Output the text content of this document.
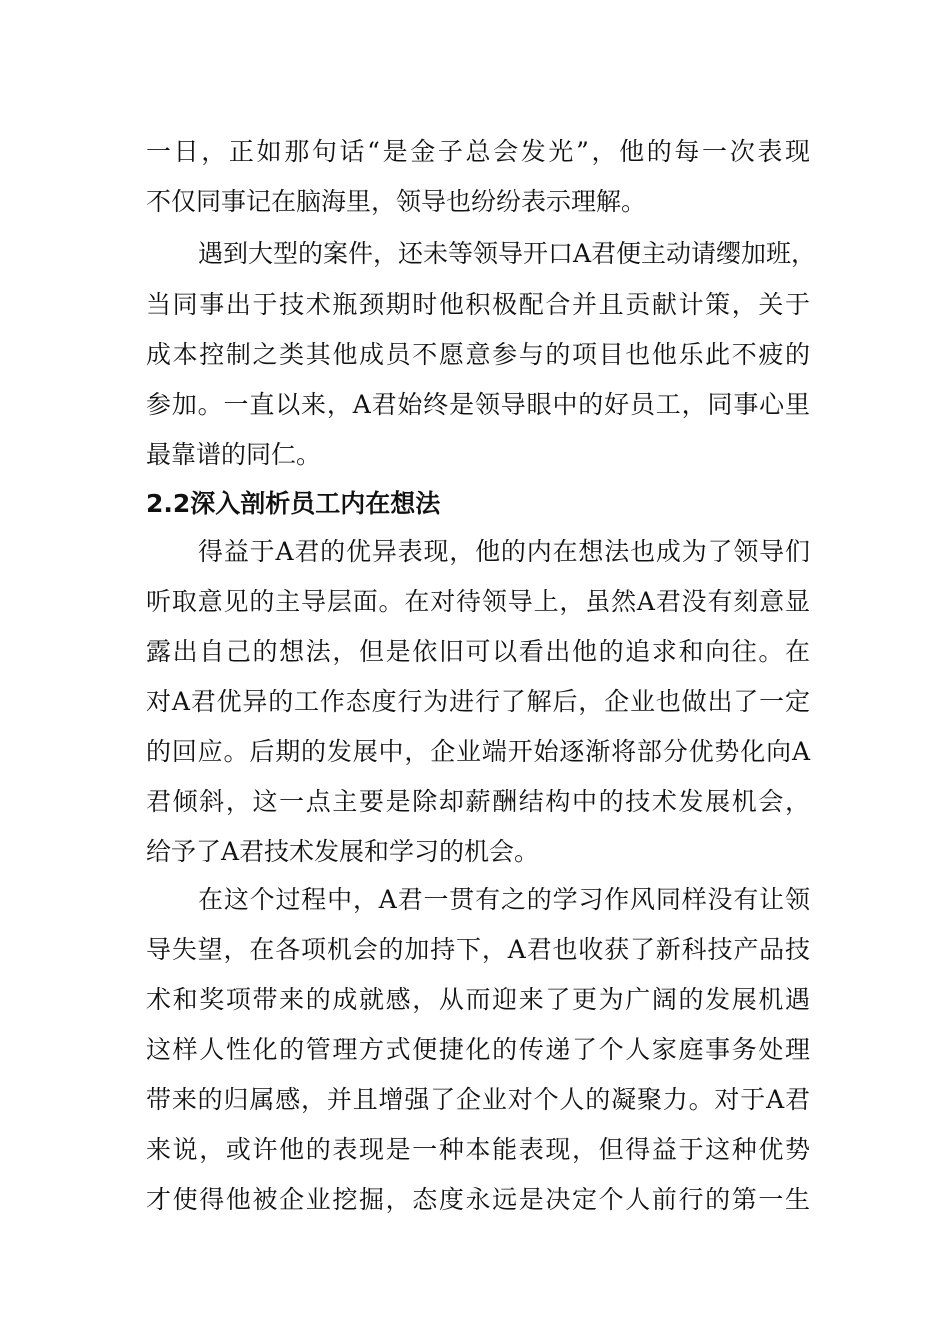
一日，正如那句话“是金子总会发光”，他的每一次表现
不仅同事记在脑海里，领导也纷纷表示理解。
遇到大型的案件，还未等领导开口A君便主动请缨加班，
当同事出于技术瓶颈期时他积极配合并且贡献计策，关于
成本控制之类其他成员不愿意参与的项目也他乐此不疲的
参加。一直以来，A君始终是领导眼中的好员工，同事心里
最靠谱的同仁。
2.2深入剖析员工内在想法
得益于A君的优异表现，他的内在想法也成为了领导们
听取意见的主导层面。在对待领导上，虽然A君没有刻意显
露出自己的想法，但是依旧可以看出他的追求和向往。在
对A君优异的工作态度行为进行了解后，企业也做出了一定
的回应。后期的发展中，企业端开始逐渐将部分优势化向A
君倾斜，这一点主要是除却薪酬结构中的技术发展机会，
给予了A君技术发展和学习的机会。
在这个过程中，A君一贯有之的学习作风同样没有让领
导失望，在各项机会的加持下，A君也收获了新科技产品技
术和奖项带来的成就感，从而迎来了更为广阔的发展机遇
这样人性化的管理方式便捷化的传递了个人家庭事务处理
带来的归属感，并且增强了企业对个人的凝聚力。对于A君
来说，或许他的表现是一种本能表现，但得益于这种优势
才使得他被企业挖掘，态度永远是决定个人前行的第一生
